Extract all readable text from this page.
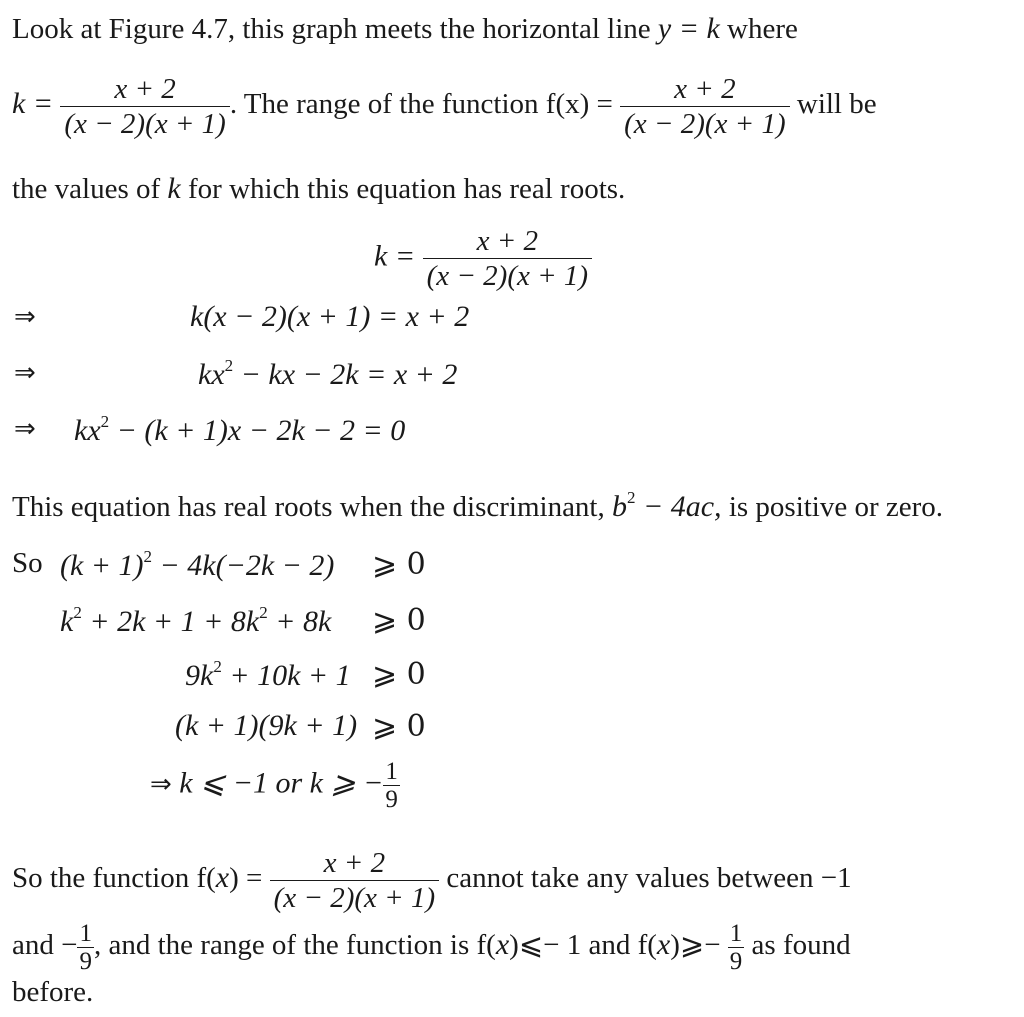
Look at Figure 4.7, this graph meets the horizontal line y = k where
$k = \frac{x + 2}{(x - 2)(x + 1)}$ . The range of the function $f(x) = \frac{x + 2}{(x - 2)(x + 1)}$ will be
the values of k for which this equation has real roots.
$k = \frac{x + 2}{(x - 2)(x + 1)}$
⇒	k(x − 2)(x + 1) = x + 2
⇒	$kx^2$ − kx − 2k = x + 2
⇒ $kx^2 - (k + 1)x - 2k - 2 = 0$
This equation has real roots when the discriminant, $b^2 - 4ac$, is positive or zero.
So $(k + 1)^2 - 4k(-2k - 2)$ ⩾ 0
$k^2 + 2k + 1 + 8k^2 + 8k$ ⩾ 0
$9k^2 + 10k + 1$ ⩾ 0
(k + 1)(9k + 1) ⩾ 0
⇒ k ⩽ −1 or k ⩾ − $\frac{1}{9}$
So the function $f(x) = \frac{x + 2}{(x - 2)(x + 1)}$ cannot take any values between −1
and − $\frac{1}{9}$ , and the range of the function is f(x)⩽− 1 and f(x)⩾− $\frac{1}{9}$ as found
before.
